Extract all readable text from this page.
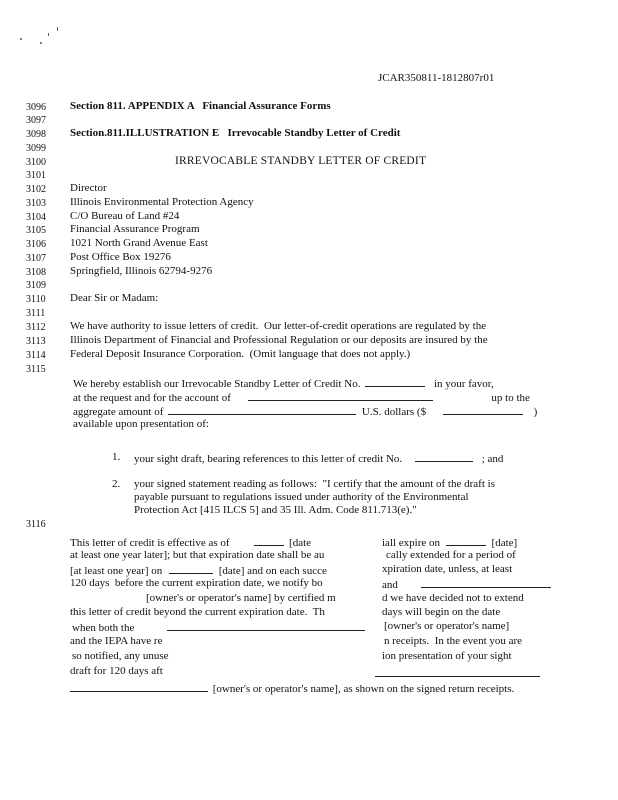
JCAR350811-1812807r01
3096
3097
3098
3099
3100
3101
3102
3103
3104
3105
3106
3107
3108
3109
3110
3111
3112
3113
3114
3115
3116
Section 811. APPENDIX A   Financial Assurance Forms
Section.811.ILLUSTRATION E   Irrevocable Standby Letter of Credit
IRREVOCABLE STANDBY LETTER OF CREDIT
Director
Illinois Environmental Protection Agency
C/O Bureau of Land #24
Financial Assurance Program
1021 North Grand Avenue East
Post Office Box 19276
Springfield, Illinois 62794-9276
Dear Sir or Madam:
We have authority to issue letters of credit.  Our letter-of-credit operations are regulated by the
Illinois Department of Financial and Professional Regulation or our deposits are insured by the
Federal Deposit Insurance Corporation.  (Omit language that does not apply.)
We hereby establish our Irrevocable Standby Letter of Credit No.	in your favor,
at the request and for the account of	up to the
aggregate amount of	U.S. dollars ($	)
available upon presentation of:
1. your sight draft, bearing references to this letter of credit No.	; and
2. your signed statement reading as follows:  "I certify that the amount of the draft is
payable pursuant to regulations issued under authority of the Environmental
Protection Act [415 ILCS 5] and 35 Ill. Adm. Code 811.713(e)."
This letter of credit is effective as of	[date	iall expire on	[date]
at least one year later]; but that expiration date shall be au	cally extended for a period of
[at least one year] on	[date] and on each succe	xpiration date, unless, at least
120 days  before the current expiration date, we notify bo	and
[owner's or operator's name] by certified m	d we have decided not to extend
this letter of credit beyond the current expiration date.  Th	days will begin on the date
when both the	[owner's or operator's name]
and the IEPA have re	n receipts.  In the event you are
so notified, any unuse	ion presentation of your sight
draft for 120 days aft
[owner's or operator's name], as shown on the signed return receipts.
